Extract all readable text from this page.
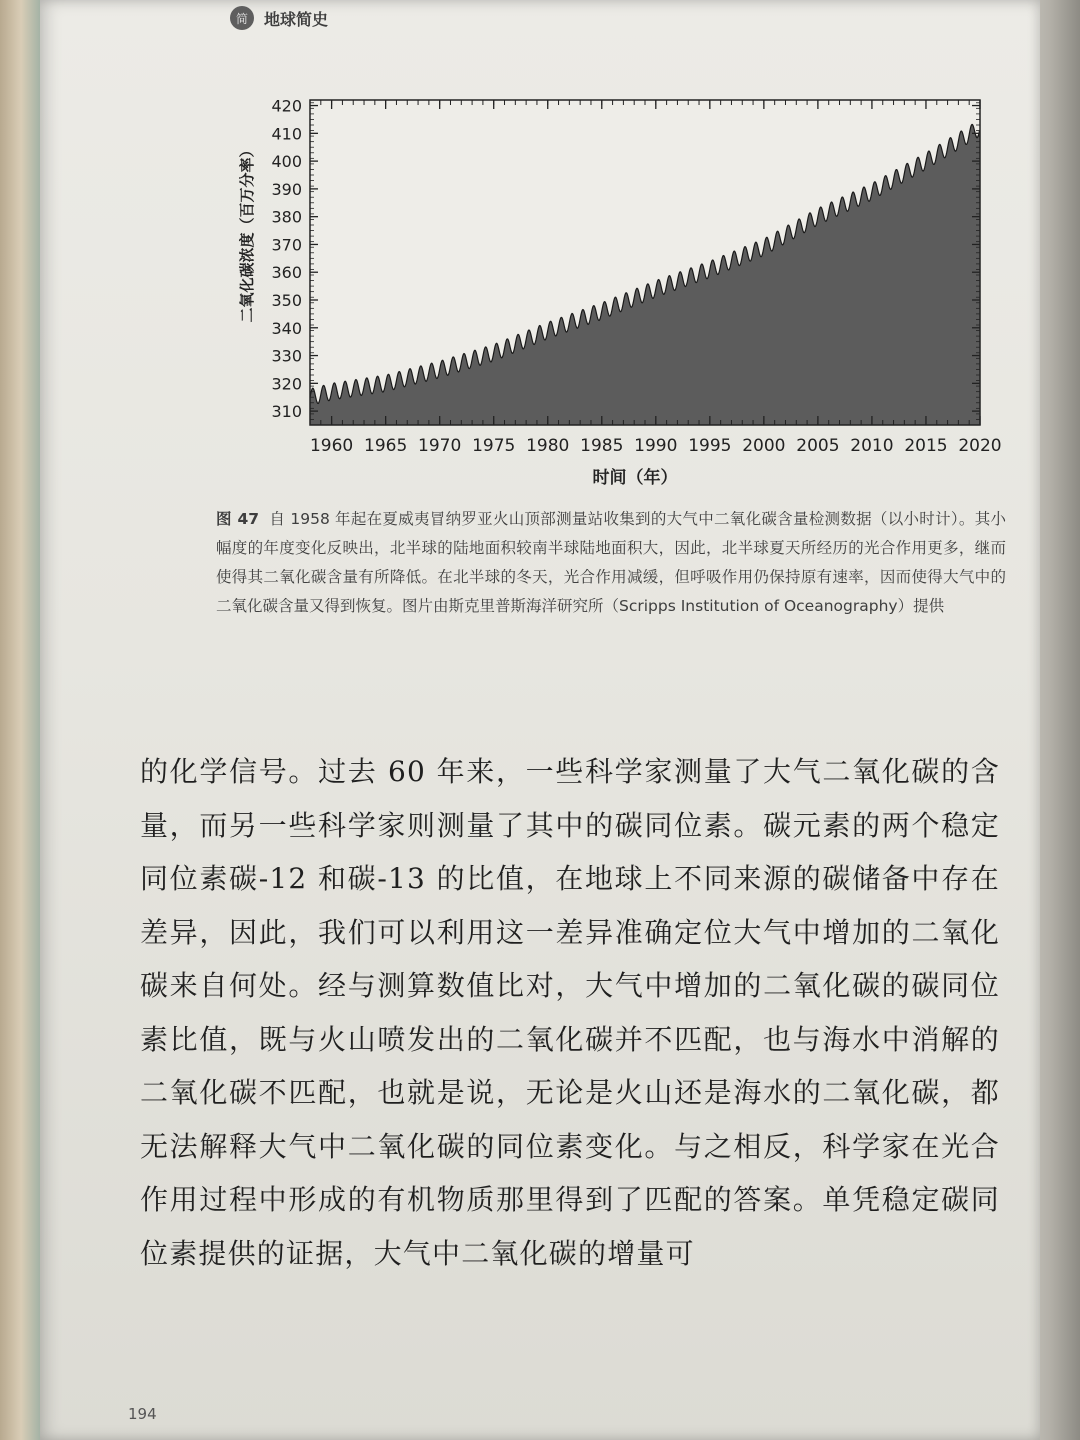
简	地球简史
1960 1965 1970 1975 1980 1985 1990 1995 2000 2005 2010 2015 2020
310
320
330
340
350
360
370
380
390
400
410
420
时间（年）
二氧化碳浓度（百万分率）
图 47 自 1958 年起在夏威夷冒纳罗亚火山顶部测量站收集到的大气中二氧化碳含量检测数据（以小时计）。其小幅度的年度变化反映出，北半球的陆地面积较南半球陆地面积大，因此，北半球夏天所经历的光合作用更多，继而使得其二氧化碳含量有所降低。在北半球的冬天，光合作用减缓，但呼吸作用仍保持原有速率，因而使得大气中的二氧化碳含量又得到恢复。图片由斯克里普斯海洋研究所（Scripps Institution of Oceanography）提供

的化学信号。过去 60 年来，一些科学家测量了大气二氧化碳的含量，而另一些科学家则测量了其中的碳同位素。碳元素的两个稳定同位素碳-12 和碳-13 的比值，在地球上不同来源的碳储备中存在差异，因此，我们可以利用这一差异准确定位大气中增加的二氧化碳来自何处。经与测算数值比对，大气中增加的二氧化碳的碳同位素比值，既与火山喷发出的二氧化碳并不匹配，也与海水中消解的二氧化碳不匹配，也就是说，无论是火山还是海水的二氧化碳，都无法解释大气中二氧化碳的同位素变化。与之相反，科学家在光合作用过程中形成的有机物质那里得到了匹配的答案。单凭稳定碳同位素提供的证据，大气中二氧化碳的增量可

194
